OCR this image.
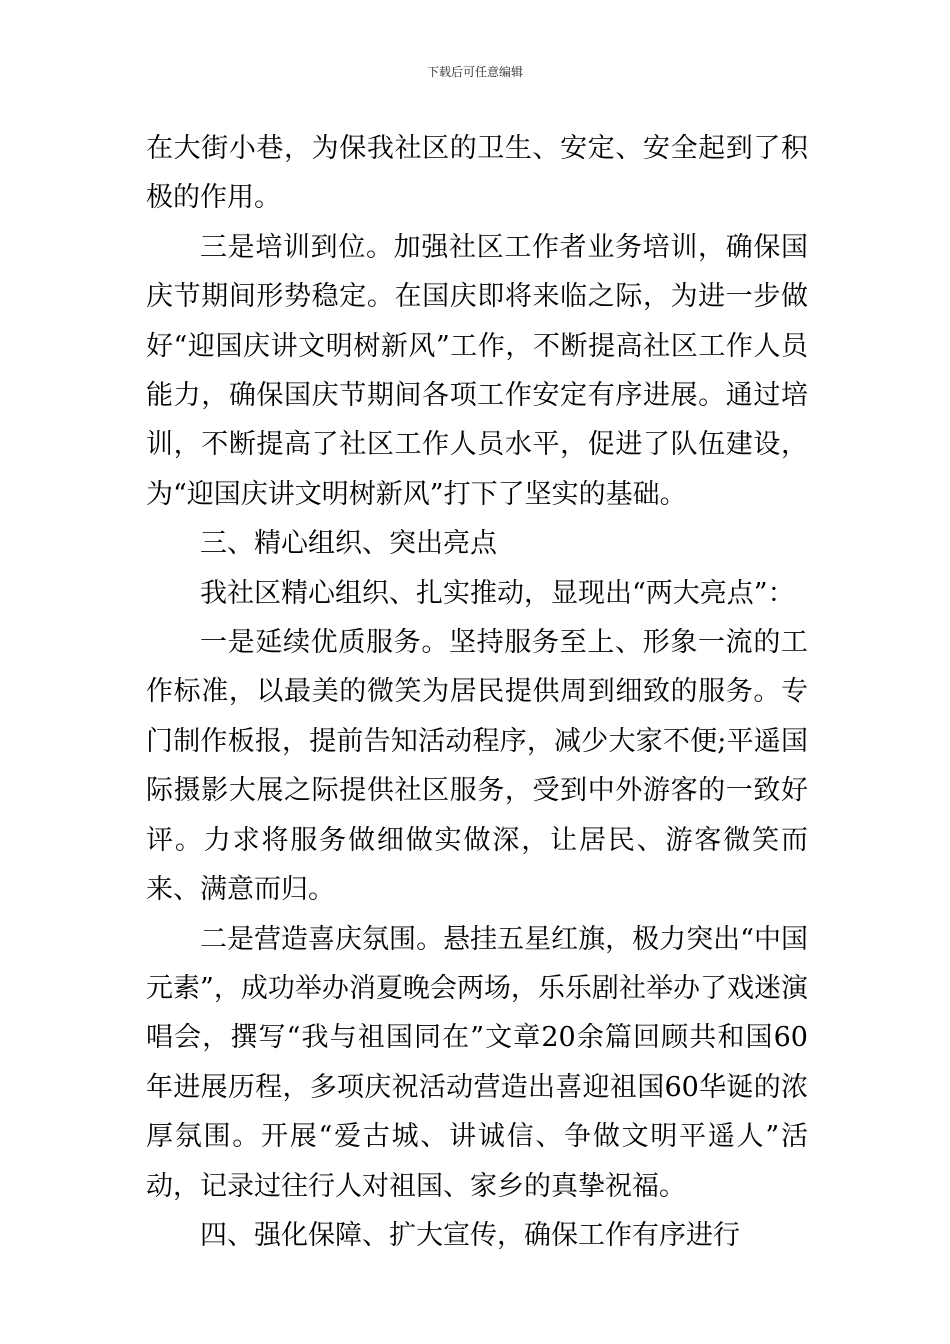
下载后可任意编辑

在大街小巷，为保我社区的卫生、安定、安全起到了积极的作用。

三是培训到位。加强社区工作者业务培训，确保国庆节期间形势稳定。在国庆即将来临之际，为进一步做好“迎国庆讲文明树新风”工作，不断提高社区工作人员能力，确保国庆节期间各项工作安定有序进展。通过培训，不断提高了社区工作人员水平，促进了队伍建设，为“迎国庆讲文明树新风”打下了坚实的基础。

三、精心组织、突出亮点

我社区精心组织、扎实推动，显现出“两大亮点”：

一是延续优质服务。坚持服务至上、形象一流的工作标准，以最美的微笑为居民提供周到细致的服务。专门制作板报，提前告知活动程序，减少大家不便;平遥国际摄影大展之际提供社区服务，受到中外游客的一致好评。力求将服务做细做实做深，让居民、游客微笑而来、满意而归。

二是营造喜庆氛围。悬挂五星红旗，极力突出“中国元素”，成功举办消夏晚会两场，乐乐剧社举办了戏迷演唱会，撰写“我与祖国同在”文章20余篇回顾共和国60年进展历程，多项庆祝活动营造出喜迎祖国60华诞的浓厚氛围。开展“爱古城、讲诚信、争做文明平遥人”活动，记录过往行人对祖国、家乡的真挚祝福。

四、强化保障、扩大宣传，确保工作有序进行
